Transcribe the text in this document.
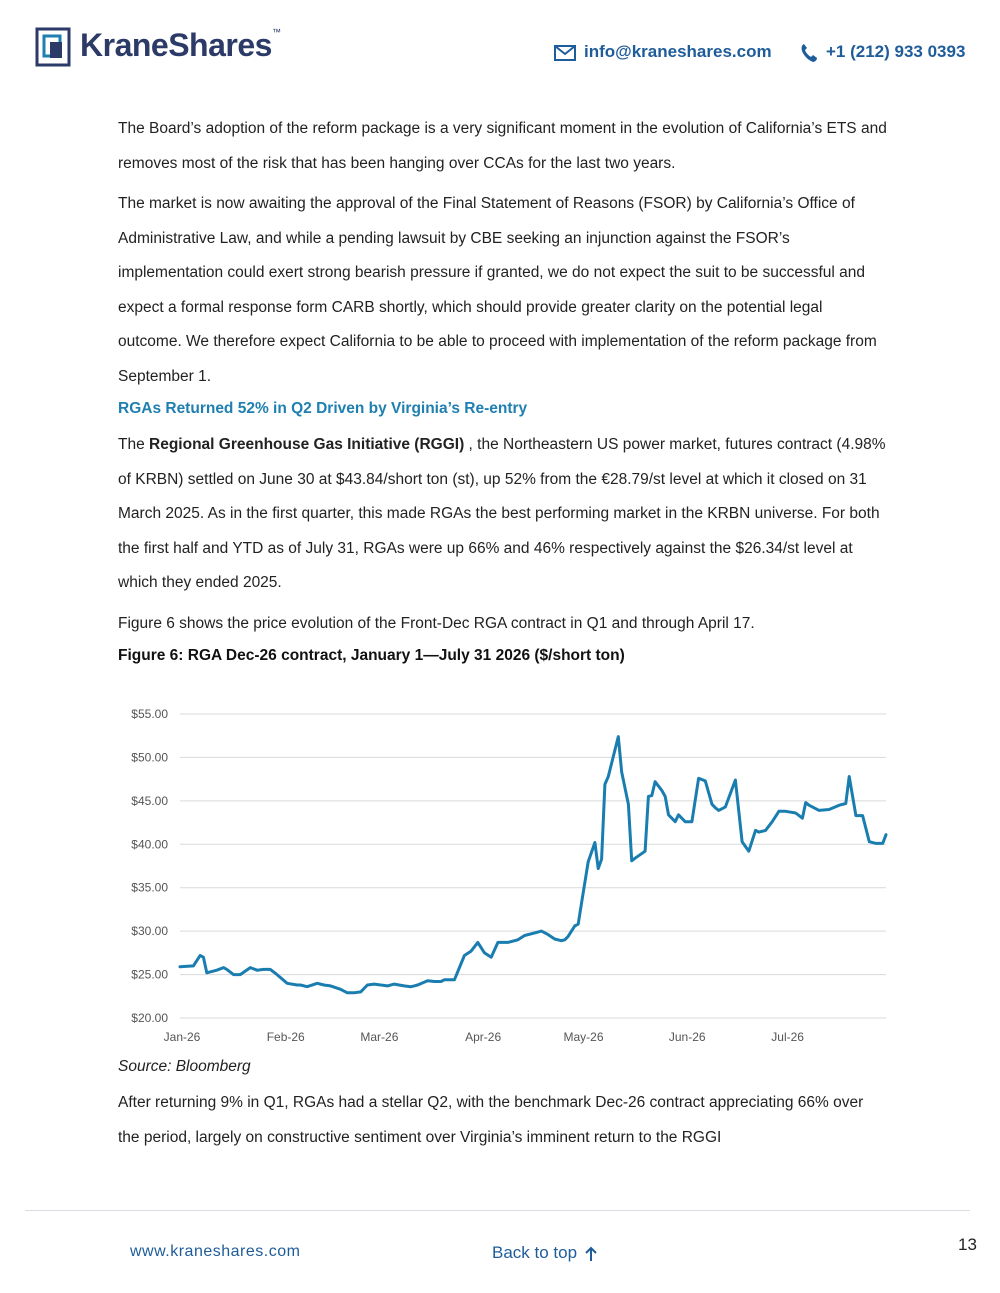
KraneShares™
info@kraneshares.com	+1 (212) 933 0393

The Board’s adoption of the reform package is a very significant moment in the evolution of California’s ETS and removes most of the risk that has been hanging over CCAs for the last two years.

The market is now awaiting the approval of the Final Statement of Reasons (FSOR) by California’s Office of Administrative Law, and while a pending lawsuit by CBE seeking an injunction against the FSOR’s implementation could exert strong bearish pressure if granted, we do not expect the suit to be successful and expect a formal response form CARB shortly, which should provide greater clarity on the potential legal outcome. We therefore expect California to be able to proceed with implementation of the reform package from September 1.

RGAs Returned 52% in Q2 Driven by Virginia’s Re-entry

The Regional Greenhouse Gas Initiative (RGGI) , the Northeastern US power market, futures contract (4.98% of KRBN) settled on June 30 at $43.84/short ton (st), up 52% from the €28.79/st level at which it closed on 31 March 2025. As in the first quarter, this made RGAs the best performing market in the KRBN universe. For both the first half and YTD as of July 31, RGAs were up 66% and 46% respectively against the $26.34/st level at which they ended 2025.

Figure 6 shows the price evolution of the Front-Dec RGA contract in Q1 and through April 17.

Figure 6: RGA Dec-26 contract, January 1—July 31 2026 ($/short ton)

$20.00
$25.00
$30.00
$35.00
$40.00
$45.00
$50.00
$55.00
Jan-26	Feb-26	Mar-26	Apr-26	May-26	Jun-26	Jul-26
Source: Bloomberg

After returning 9% in Q1, RGAs had a stellar Q2, with the benchmark Dec-26 contract appreciating 66% over the period, largely on constructive sentiment over Virginia’s imminent return to the RGGI

www.kraneshares.com	Back to top	13
